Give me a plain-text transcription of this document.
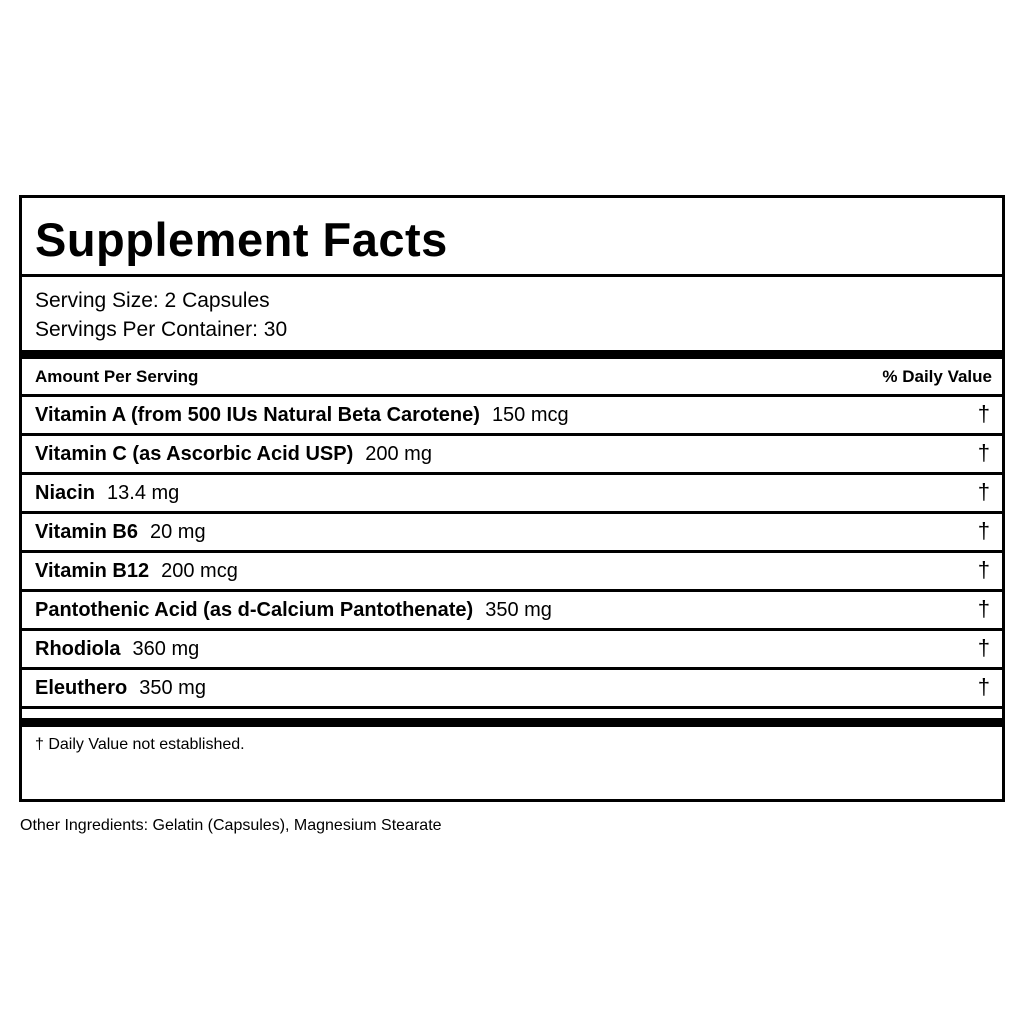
Supplement Facts
Serving Size: 2 Capsules
Servings Per Container: 30
Amount Per Serving	% Daily Value
Vitamin A (from 500 IUs Natural Beta Carotene) 150 mcg	†
Vitamin C (as Ascorbic Acid USP) 200 mg	†
Niacin 13.4 mg	†
Vitamin B6 20 mg	†
Vitamin B12 200 mcg	†
Pantothenic Acid (as d-Calcium Pantothenate) 350 mg	†
Rhodiola 360 mg	†
Eleuthero 350 mg	†
† Daily Value not established.
Other Ingredients: Gelatin (Capsules), Magnesium Stearate
